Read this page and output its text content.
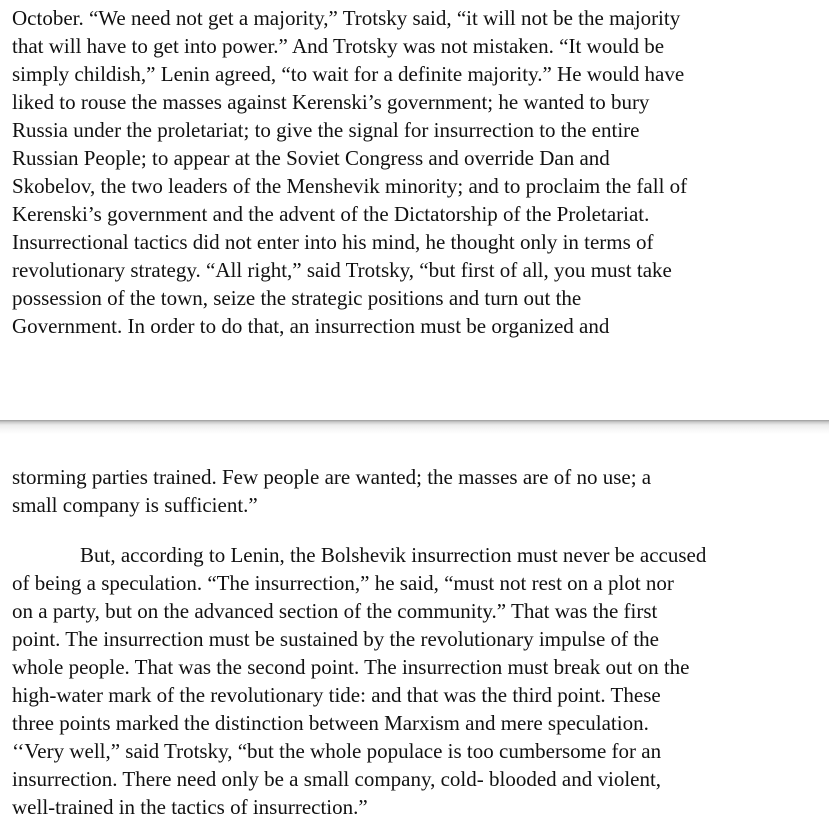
October. “We need not get a majority,” Trotsky said, “it will not be the majority
that will have to get into power.” And Trotsky was not mistaken. “It would be
simply childish,” Lenin agreed, “to wait for a definite majority.” He would have
liked to rouse the masses against Kerenski’s government; he wanted to bury
Russia under the proletariat; to give the signal for insurrection to the entire
Russian People; to appear at the Soviet Congress and override Dan and
Skobelov, the two leaders of the Menshevik minority; and to proclaim the fall of
Kerenski’s government and the advent of the Dictatorship of the Proletariat.
Insurrectional tactics did not enter into his mind, he thought only in terms of
revolutionary strategy. “All right,” said Trotsky, “but first of all, you must take
possession of the town, seize the strategic positions and turn out the
Government. In order to do that, an insurrection must be organized and
storming parties trained. Few people are wanted; the masses are of no use; a
small company is sufficient.”
But, according to Lenin, the Bolshevik insurrection must never be accused
of being a speculation. “The insurrection,” he said, “must not rest on a plot nor
on a party, but on the advanced section of the community.” That was the first
point. The insurrection must be sustained by the revolutionary impulse of the
whole people. That was the second point. The insurrection must break out on the
high-water mark of the revolutionary tide: and that was the third point. These
three points marked the distinction between Marxism and mere speculation.
‘‘Very well,” said Trotsky, “but the whole populace is too cumbersome for an
insurrection. There need only be a small company, cold- blooded and violent,
well-trained in the tactics of insurrection.”
